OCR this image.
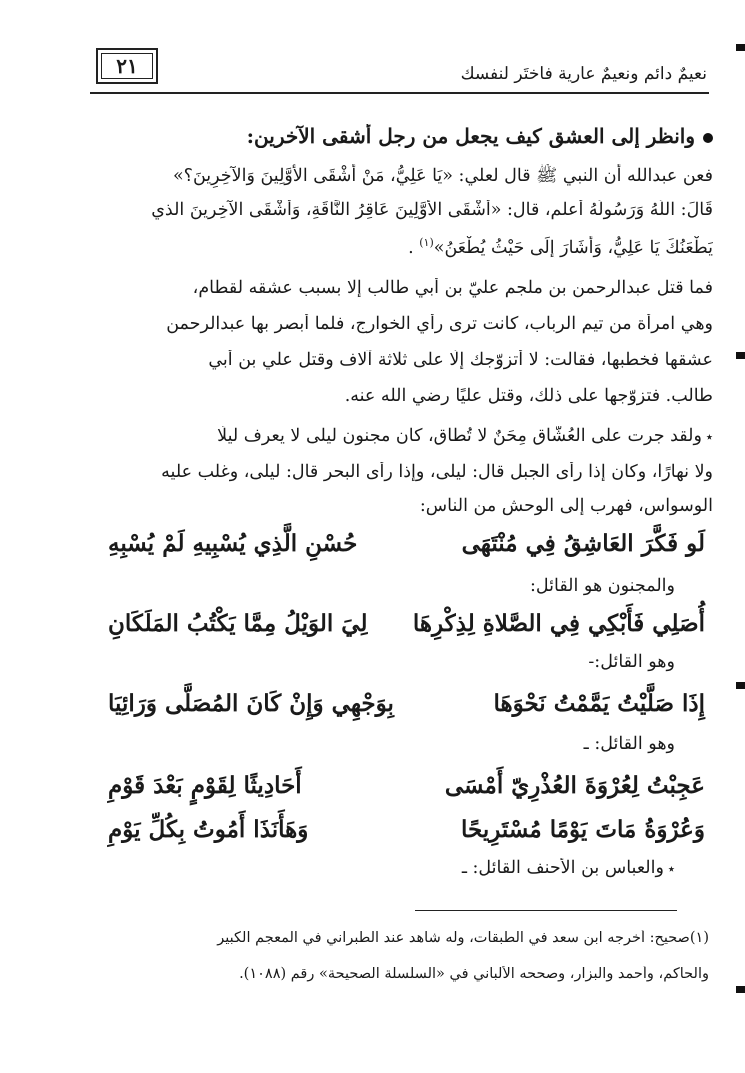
نعيمٌ دائم ونعيمٌ عارية فاختَر لنفسك
٢١
وانظر إلى العشق كيف يجعل من رجل أشقى الآخرين:
فعن عبدالله أن النبي ﷺ قال لعلي: «يَا عَلِيُّ، مَنْ أَشْقَى الأَوَّلِينَ وَالآخِرِينَ؟»
قَالَ: اللَّهُ وَرَسُولُهُ أعلم، قال: «أَشْقَى الأَوَّلِينَ عَاقِرُ النَّاقَةِ، وَأَشْقَى الآخِرِينَ الذي
يَطْعَنُكَ يَا عَلِيُّ، وَأَشَارَ إِلَى حَيْثُ يُطْعَنُ»$^{(١)}$ .
فما قتل عبدالرحمن بن ملجم عليّ بن أبي طالب إلا بسبب عشقه لقطام،
وهي امرأة من تيم الرباب، كانت ترى رأي الخوارج، فلما أبصر بها عبدالرحمن
عشقها فخطبها، فقالت: لا أتزوّجك إلّا على ثلاثة آلاف وقتل علي بن أبي
طالب. فتزوّجها على ذلك، وقتل عليًا رضي الله عنه.
٭ولقد جرت على العُشّاق مِحَنٌ لا تُطاق، كان مجنون ليلى لا يعرف ليلًا
ولا نهارًا، وكان إذا رأى الجبل قال: ليلى، وإذا رأى البحر قال: ليلى، وغلب عليه
الوسواس، فهرب إلى الوحش من الناس:
لَو فَكَّرَ العَاشِقُ فِي مُنْتَهَى
حُسْنِ الَّذِي يُسْبِيهِ لَمْ يُسْبِهِ
والمجنون هو القائل:
أُصَلِي فَأَبْكِي فِي الصَّلاةِ لِذِكْرِهَا
لِيَ الوَيْلُ مِمَّا يَكْتُبُ المَلَكَانِ
وهو القائل:-
إِذَا صَلَّيْتُ يَمَّمْتُ نَحْوَهَا
بِوَجْهِي وَإِنْ كَانَ المُصَلَّى وَرَائِيَا
وهو القائل: ـ
عَجِبْتُ لِعُرْوَةَ العُذْرِيّ أَمْسَى
أَحَادِيثًا لِقَوْمٍ بَعْدَ قَوْمِ
وَعُرْوَةُ مَاتَ يَوْمًا مُسْتَرِيحًا
وَهَأَنَذَا أَمُوتُ بِكُلِّ يَوْمِ
٭والعباس بن الأحنف القائل: ـ
(١)صحيح: أخرجه ابن سعد في الطبقات، وله شاهد عند الطبراني في المعجم الكبير
والحاكم، وأحمد والبزار، وصححه الألباني في «السلسلة الصحيحة» رقم (١٠٨٨).
